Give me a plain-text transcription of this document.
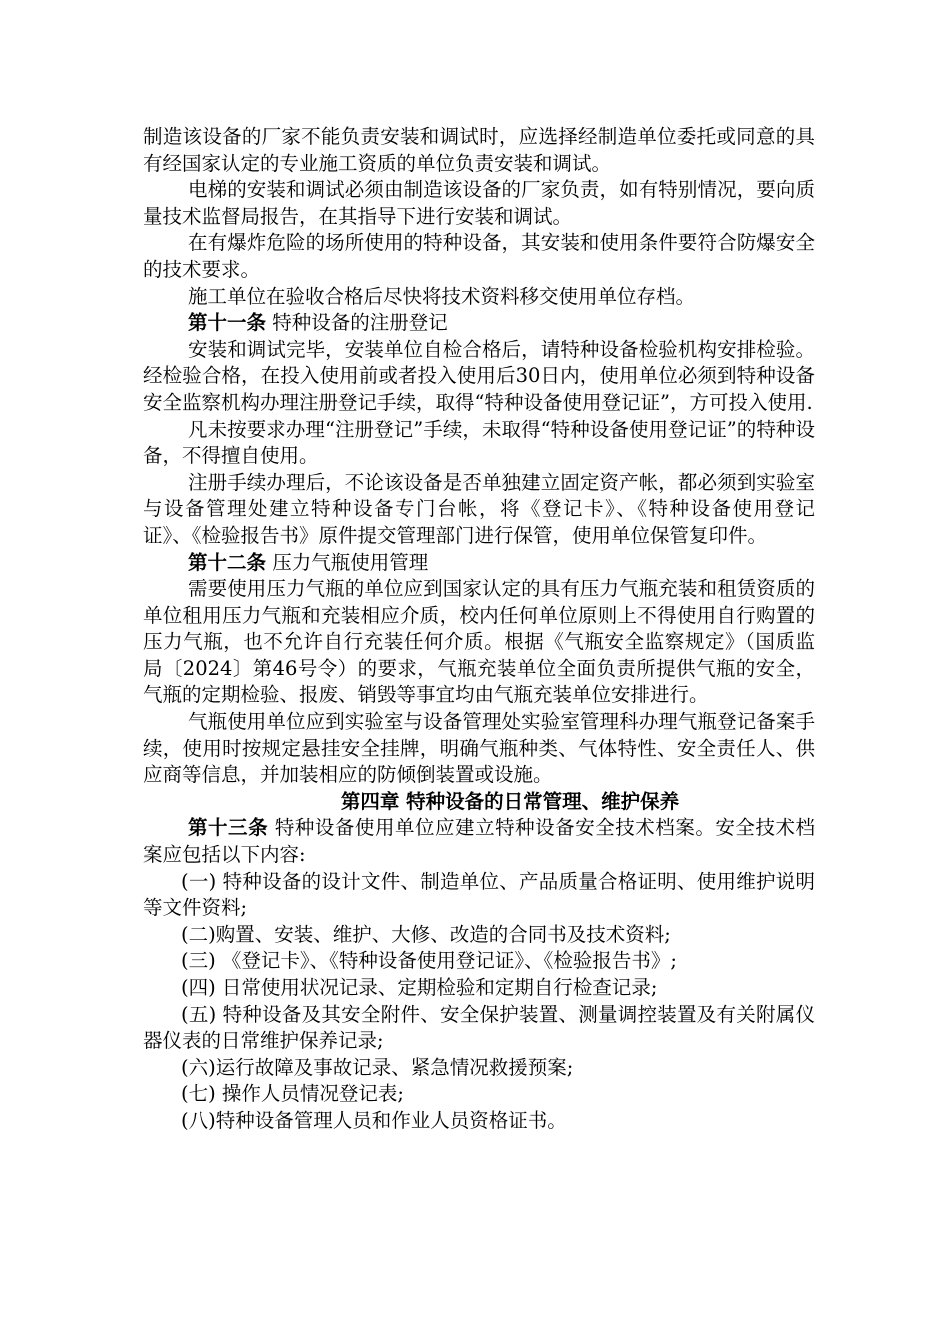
制造该设备的厂家不能负责安装和调试时，应选择经制造单位委托或同意的具有经国家认定的专业施工资质的单位负责安装和调试。

电梯的安装和调试必须由制造该设备的厂家负责，如有特别情况，要向质量技术监督局报告，在其指导下进行安装和调试。

在有爆炸危险的场所使用的特种设备，其安装和使用条件要符合防爆安全的技术要求。

施工单位在验收合格后尽快将技术资料移交使用单位存档。

第十一条 特种设备的注册登记

安装和调试完毕，安装单位自检合格后，请特种设备检验机构安排检验。经检验合格，在投入使用前或者投入使用后30日内，使用单位必须到特种设备安全监察机构办理注册登记手续，取得“特种设备使用登记证”，方可投入使用.

凡未按要求办理“注册登记”手续，未取得“特种设备使用登记证”的特种设备，不得擅自使用。

注册手续办理后，不论该设备是否单独建立固定资产帐，都必须到实验室与设备管理处建立特种设备专门台帐，将《登记卡》、《特种设备使用登记证》、《检验报告书》原件提交管理部门进行保管，使用单位保管复印件。

第十二条 压力气瓶使用管理

需要使用压力气瓶的单位应到国家认定的具有压力气瓶充装和租赁资质的单位租用压力气瓶和充装相应介质，校内任何单位原则上不得使用自行购置的压力气瓶，也不允许自行充装任何介质。根据《气瓶安全监察规定》（国质监局〔2024〕第46号令）的要求，气瓶充装单位全面负责所提供气瓶的安全，气瓶的定期检验、报废、销毁等事宜均由气瓶充装单位安排进行。

气瓶使用单位应到实验室与设备管理处实验室管理科办理气瓶登记备案手续，使用时按规定悬挂安全挂牌，明确气瓶种类、气体特性、安全责任人、供应商等信息，并加装相应的防倾倒装置或设施。

第四章 特种设备的日常管理、维护保养

第十三条 特种设备使用单位应建立特种设备安全技术档案。安全技术档案应包括以下内容:

(一) 特种设备的设计文件、制造单位、产品质量合格证明、使用维护说明等文件资料;

(二)购置、安装、维护、大修、改造的合同书及技术资料;

(三) 《登记卡》、《特种设备使用登记证》、《检验报告书》;

(四) 日常使用状况记录、定期检验和定期自行检查记录;

(五) 特种设备及其安全附件、安全保护装置、测量调控装置及有关附属仪器仪表的日常维护保养记录;

(六)运行故障及事故记录、紧急情况救援预案;

(七) 操作人员情况登记表;

(八)特种设备管理人员和作业人员资格证书。
